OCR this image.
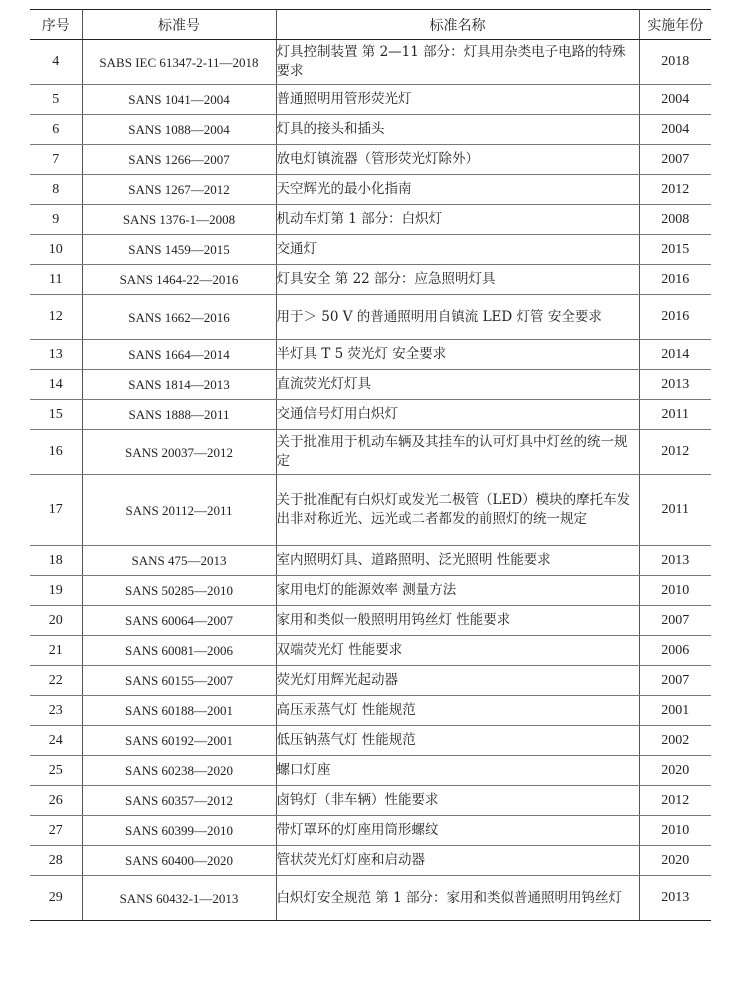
序号	标准号	标准名称	实施年份
4	SABS IEC 61347-2-11—2018	灯具控制装置 第 2—11 部分：灯具用杂类电子电路的特殊要求	2018
5	SANS 1041—2004	普通照明用管形荧光灯	2004
6	SANS 1088—2004	灯具的接头和插头	2004
7	SANS 1266—2007	放电灯镇流器（管形荧光灯除外）	2007
8	SANS 1267—2012	天空辉光的最小化指南	2012
9	SANS 1376-1—2008	机动车灯第 1 部分：白炽灯	2008
10	SANS 1459—2015	交通灯	2015
11	SANS 1464-22—2016	灯具安全 第 22 部分：应急照明灯具	2016
12	SANS 1662—2016	用于＞ 50 V 的普通照明用自镇流 LED 灯管 安全要求	2016
13	SANS 1664—2014	半灯具 T 5 荧光灯 安全要求	2014
14	SANS 1814—2013	直流荧光灯灯具	2013
15	SANS 1888—2011	交通信号灯用白炽灯	2011
16	SANS 20037—2012	关于批准用于机动车辆及其挂车的认可灯具中灯丝的统一规定	2012
17	SANS 20112—2011	关于批准配有白炽灯或发光二极管（LED）模块的摩托车发出非对称近光、远光或二者都发的前照灯的统一规定	2011
18	SANS 475—2013	室内照明灯具、道路照明、泛光照明 性能要求	2013
19	SANS 50285—2010	家用电灯的能源效率 测量方法	2010
20	SANS 60064—2007	家用和类似一般照明用钨丝灯 性能要求	2007
21	SANS 60081—2006	双端荧光灯 性能要求	2006
22	SANS 60155—2007	荧光灯用辉光起动器	2007
23	SANS 60188—2001	高压汞蒸气灯 性能规范	2001
24	SANS 60192—2001	低压钠蒸气灯 性能规范	2002
25	SANS 60238—2020	螺口灯座	2020
26	SANS 60357—2012	卤钨灯（非车辆）性能要求	2012
27	SANS 60399—2010	带灯罩环的灯座用筒形螺纹	2010
28	SANS 60400—2020	管状荧光灯灯座和启动器	2020
29	SANS 60432-1—2013	白炽灯安全规范 第 1 部分：家用和类似普通照明用钨丝灯	2013
